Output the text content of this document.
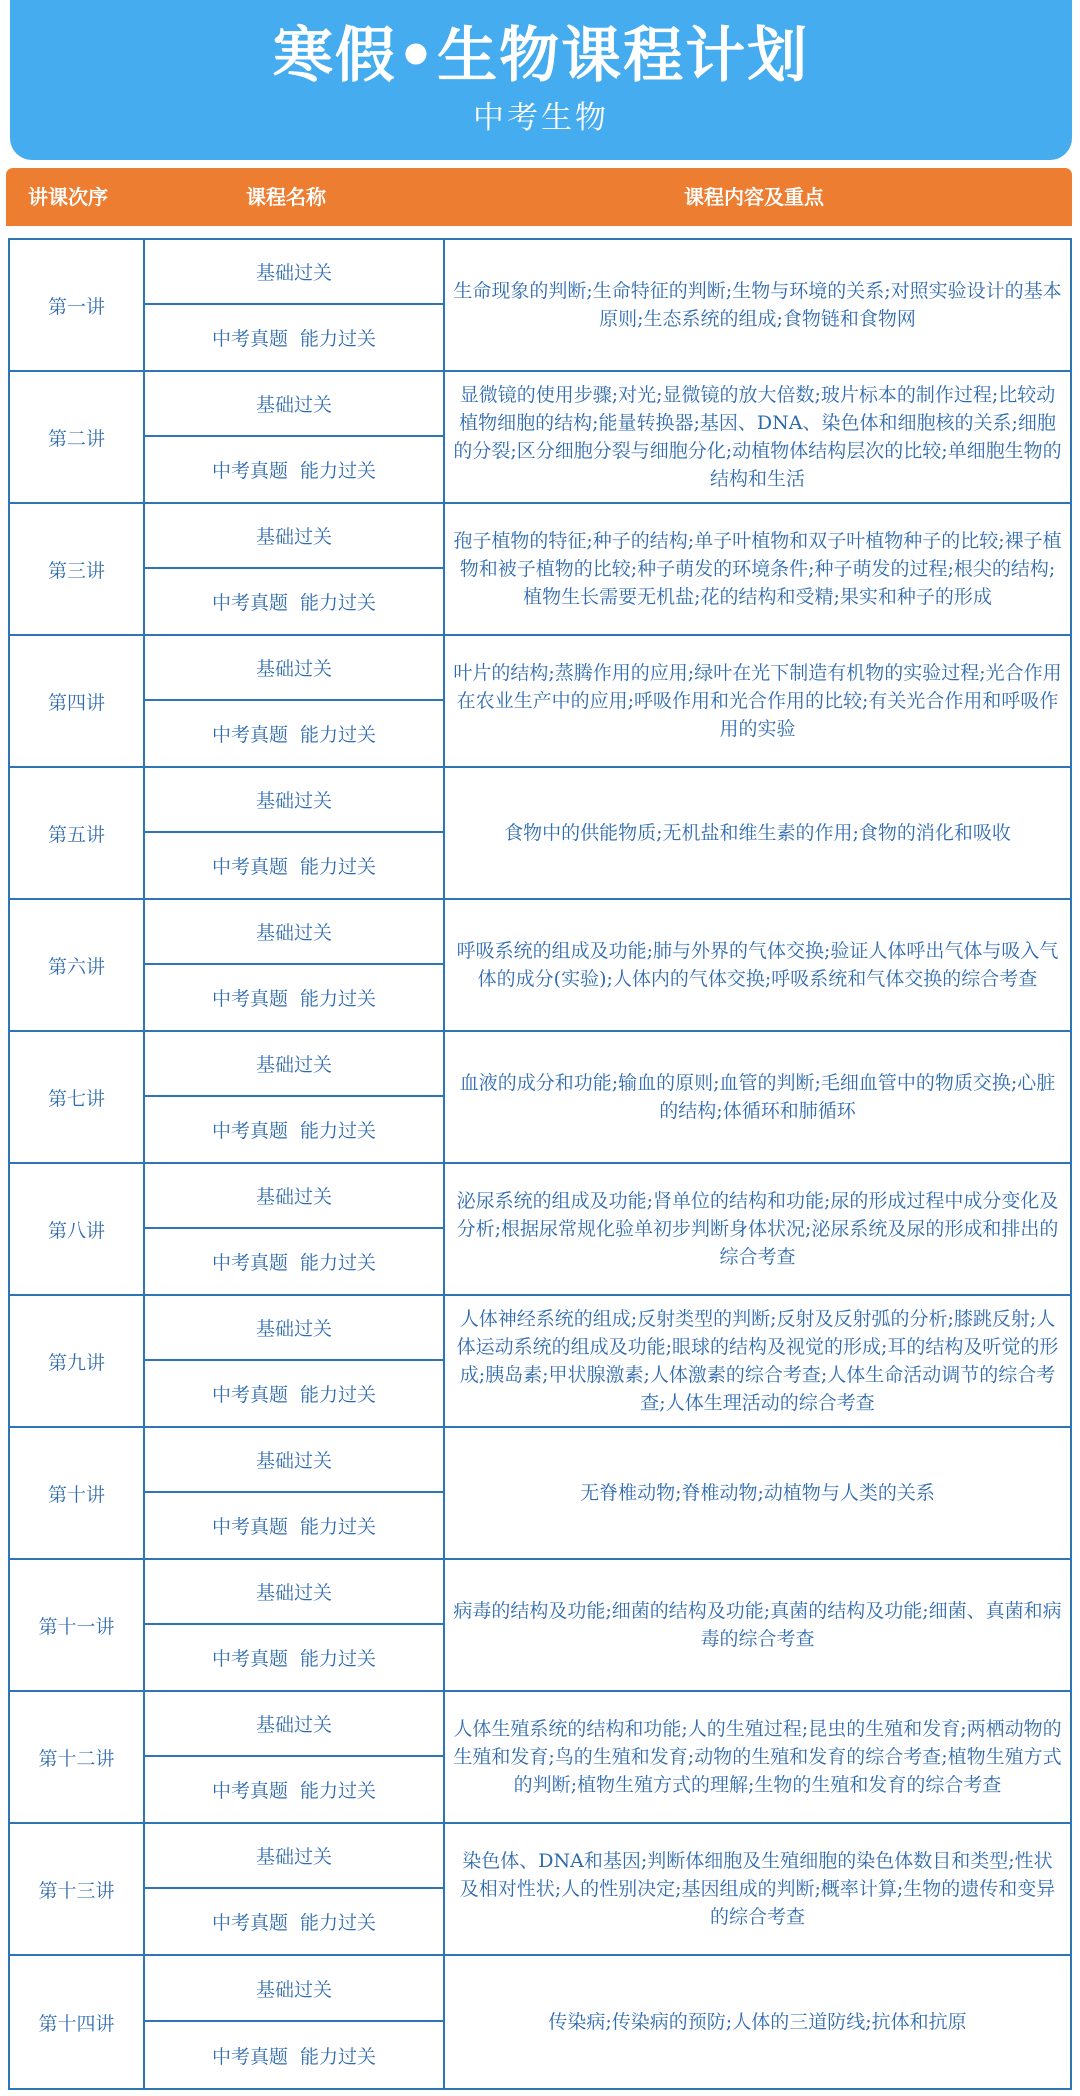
寒假•生物课程计划
中考生物
讲课次序	课程名称	课程内容及重点
第一讲
基础过关
中考真题  能力过关
生命现象的判断;生命特征的判断;生物与环境的关系;对照实验设计的基本原则;生态系统的组成;食物链和食物网
第二讲
基础过关
中考真题  能力过关
显微镜的使用步骤;对光;显微镜的放大倍数;玻片标本的制作过程;比较动植物细胞的结构;能量转换器;基因、DNA、染色体和细胞核的关系;细胞的分裂;区分细胞分裂与细胞分化;动植物体结构层次的比较;单细胞生物的结构和生活
第三讲
基础过关
中考真题  能力过关
孢子植物的特征;种子的结构;单子叶植物和双子叶植物种子的比较;裸子植物和被子植物的比较;种子萌发的环境条件;种子萌发的过程;根尖的结构;植物生长需要无机盐;花的结构和受精;果实和种子的形成
第四讲
基础过关
中考真题  能力过关
叶片的结构;蒸腾作用的应用;绿叶在光下制造有机物的实验过程;光合作用在农业生产中的应用;呼吸作用和光合作用的比较;有关光合作用和呼吸作用的实验
第五讲
基础过关
中考真题  能力过关
食物中的供能物质;无机盐和维生素的作用;食物的消化和吸收
第六讲
基础过关
中考真题  能力过关
呼吸系统的组成及功能;肺与外界的气体交换;验证人体呼出气体与吸入气体的成分(实验);人体内的气体交换;呼吸系统和气体交换的综合考查
第七讲
基础过关
中考真题  能力过关
血液的成分和功能;输血的原则;血管的判断;毛细血管中的物质交换;心脏的结构;体循环和肺循环
第八讲
基础过关
中考真题  能力过关
泌尿系统的组成及功能;肾单位的结构和功能;尿的形成过程中成分变化及分析;根据尿常规化验单初步判断身体状况;泌尿系统及尿的形成和排出的综合考查
第九讲
基础过关
中考真题  能力过关
人体神经系统的组成;反射类型的判断;反射及反射弧的分析;膝跳反射;人体运动系统的组成及功能;眼球的结构及视觉的形成;耳的结构及听觉的形成;胰岛素;甲状腺激素;人体激素的综合考查;人体生命活动调节的综合考查;人体生理活动的综合考查
第十讲
基础过关
中考真题  能力过关
无脊椎动物;脊椎动物;动植物与人类的关系
第十一讲
基础过关
中考真题  能力过关
病毒的结构及功能;细菌的结构及功能;真菌的结构及功能;细菌、真菌和病毒的综合考查
第十二讲
基础过关
中考真题  能力过关
人体生殖系统的结构和功能;人的生殖过程;昆虫的生殖和发育;两栖动物的生殖和发育;鸟的生殖和发育;动物的生殖和发育的综合考查;植物生殖方式的判断;植物生殖方式的理解;生物的生殖和发育的综合考查
第十三讲
基础过关
中考真题  能力过关
染色体、DNA和基因;判断体细胞及生殖细胞的染色体数目和类型;性状及相对性状;人的性别决定;基因组成的判断;概率计算;生物的遗传和变异的综合考查
第十四讲
基础过关
中考真题  能力过关
传染病;传染病的预防;人体的三道防线;抗体和抗原
